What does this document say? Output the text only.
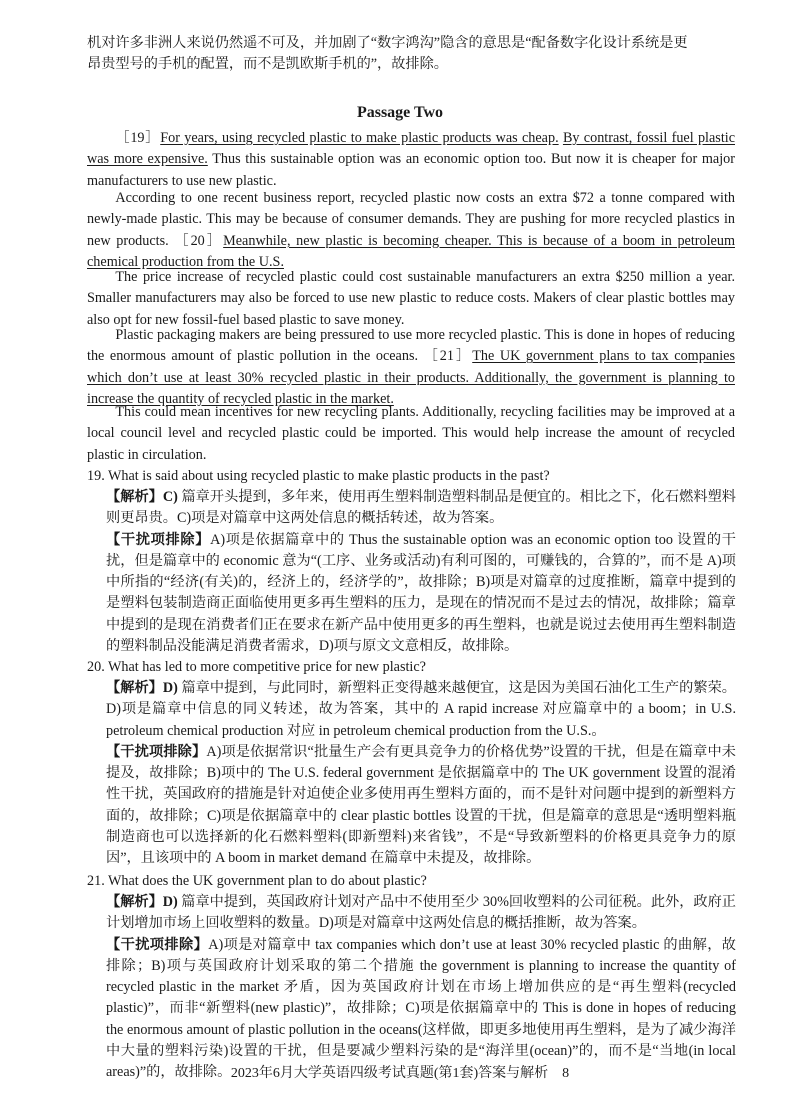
机对许多非洲人来说仍然遥不可及，并加剧了“数字鸿沟”隐含的意思是“配备数字化设计系统是更
昂贵型号的手机的配置，而不是凯欧斯手机的”，故排除。
Passage Two
［19］For years, using recycled plastic to make plastic products was cheap. By contrast, fossil fuel plastic was more expensive. Thus this sustainable option was an economic option too. But now it is cheaper for major manufacturers to use new plastic.
According to one recent business report, recycled plastic now costs an extra $72 a tonne compared with newly-made plastic. This may be because of consumer demands. They are pushing for more recycled plastics in new products. ［20］Meanwhile, new plastic is becoming cheaper. This is because of a boom in petroleum chemical production from the U.S.
The price increase of recycled plastic could cost sustainable manufacturers an extra $250 million a year. Smaller manufacturers may also be forced to use new plastic to reduce costs. Makers of clear plastic bottles may also opt for new fossil-fuel based plastic to save money.
Plastic packaging makers are being pressured to use more recycled plastic. This is done in hopes of reducing the enormous amount of plastic pollution in the oceans. ［21］The UK government plans to tax companies which don’t use at least 30% recycled plastic in their products. Additionally, the government is planning to increase the quantity of recycled plastic in the market.
This could mean incentives for new recycling plants. Additionally, recycling facilities may be improved at a local council level and recycled plastic could be imported. This would help increase the amount of recycled plastic in circulation.
19. What is said about using recycled plastic to make plastic products in the past?
【解析】C) 篇章开头提到，多年来，使用再生塑料制造塑料制品是便宜的。相比之下，化石燃料塑料则更昂贵。C)项是对篇章中这两处信息的概括转述，故为答案。
【干扰项排除】A)项是依据篇章中的 Thus the sustainable option was an economic option too 设置的干扰，但是篇章中的 economic 意为“(工序、业务或活动)有利可图的，可赚钱的，合算的”，而不是 A)项中所指的“经济(有关)的，经济上的，经济学的”，故排除；B)项是对篇章的过度推断，篇章中提到的是塑料包装制造商正面临使用更多再生塑料的压力，是现在的情况而不是过去的情况，故排除；篇章中提到的是现在消费者们正在要求在新产品中使用更多的再生塑料，也就是说过去使用再生塑料制造的塑料制品没能满足消费者需求，D)项与原文文意相反，故排除。
20. What has led to more competitive price for new plastic?
【解析】D) 篇章中提到，与此同时，新塑料正变得越来越便宜，这是因为美国石油化工生产的繁荣。D)项是篇章中信息的同义转述，故为答案，其中的 A rapid increase 对应篇章中的 a boom；in U.S. petroleum chemical production 对应 in petroleum chemical production from the U.S.。
【干扰项排除】A)项是依据常识“批量生产会有更具竞争力的价格优势”设置的干扰，但是在篇章中未提及，故排除；B)项中的 The U.S. federal government 是依据篇章中的 The UK government 设置的混淆性干扰，英国政府的措施是针对迫使企业多使用再生塑料方面的，而不是针对问题中提到的新塑料方面的，故排除；C)项是依据篇章中的 clear plastic bottles 设置的干扰，但是篇章的意思是“透明塑料瓶制造商也可以选择新的化石燃料塑料(即新塑料)来省钱”，不是“导致新塑料的价格更具竞争力的原因”，且该项中的 A boom in market demand 在篇章中未提及，故排除。
21. What does the UK government plan to do about plastic?
【解析】D) 篇章中提到，英国政府计划对产品中不使用至少 30%回收塑料的公司征税。此外，政府正计划增加市场上回收塑料的数量。D)项是对篇章中这两处信息的概括推断，故为答案。
【干扰项排除】A)项是对篇章中 tax companies which don’t use at least 30% recycled plastic 的曲解，故排除；B)项与英国政府计划采取的第二个措施 the government is planning to increase the quantity of recycled plastic in the market 矛盾，因为英国政府计划在市场上增加供应的是“再生塑料(recycled plastic)”，而非“新塑料(new plastic)”，故排除；C)项是依据篇章中的 This is done in hopes of reducing the enormous amount of plastic pollution in the oceans(这样做，即更多地使用再生塑料，是为了减少海洋中大量的塑料污染)设置的干扰，但是要减少塑料污染的是“海洋里(ocean)”的，而不是“当地(in local areas)”的，故排除。 2023年6月大学英语四级考试真题(第1套)答案与解析　8
